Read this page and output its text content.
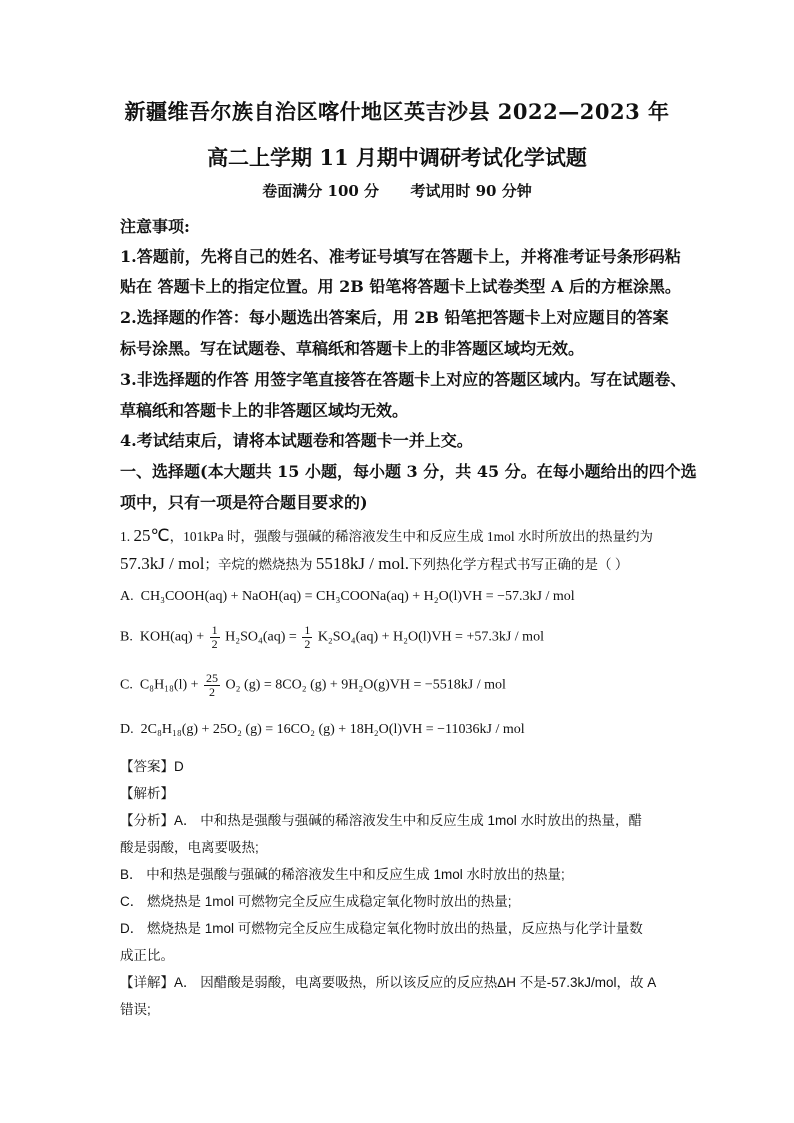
新疆维吾尔族自治区喀什地区英吉沙县 2022—2023 年
高二上学期 11 月期中调研考试化学试题
卷面满分 100 分      考试用时 90 分钟
注意事项:
1.答题前，先将自己的姓名、准考证号填写在答题卡上，并将准考证号条形码粘
贴在 答题卡上的指定位置。用 2B 铅笔将答题卡上试卷类型 A 后的方框涂黑。
2.选择题的作答：每小题选出答案后，用 2B 铅笔把答题卡上对应题目的答案
标号涂黑。写在试题卷、草稿纸和答题卡上的非答题区域均无效。
3.非选择题的作答 用签字笔直接答在答题卡上对应的答题区域内。写在试题卷、
草稿纸和答题卡上的非答题区域均无效。
4.考试结束后，请将本试题卷和答题卡一并上交。
一、选择题(本大题共 15 小题，每小题 3 分，共 45 分。在每小题给出的四个选
项中，只有一项是符合题目要求的)
1. 25℃，101kPa 时，强酸与强碱的稀溶液发生中和反应生成 1mol 水时所放出的热量约为
57.3kJ / mol；辛烷的燃烧热为 5518kJ / mol.下列热化学方程式书写正确的是（ ）
A. CH₃COOH(aq) + NaOH(aq) = CH₃COONa(aq) + H₂O(l)VH = −57.3kJ / mol
B. $KOH(aq) + \frac{1}{2} H_2SO_4(aq) = \frac{1}{2} K_2SO_4(aq) + H_2O(l)VH = +57.3kJ$ / mol
C. $C_8H_{18}(l) + \frac{25}{2} O_2$ (g) = 8CO₂ (g) + 9H₂O(g)VH = −5518kJ / mol
D. 2C₈H₁₈(g) + 25O₂ (g) = 16CO₂ (g) + 18H₂O(l)VH = −11036kJ / mol
【答案】D
【解析】
【分析】A． 中和热是强酸与强碱的稀溶液发生中和反应生成 1mol 水时放出的热量，醋
酸是弱酸，电离要吸热;
B． 中和热是强酸与强碱的稀溶液发生中和反应生成 1mol 水时放出的热量;
C． 燃烧热是 1mol 可燃物完全反应生成稳定氧化物时放出的热量;
D． 燃烧热是 1mol 可燃物完全反应生成稳定氧化物时放出的热量，反应热与化学计量数
成正比。
【详解】A． 因醋酸是弱酸，电离要吸热，所以该反应的反应热ΔH 不是-57.3kJ/mol，故 A
错误;
